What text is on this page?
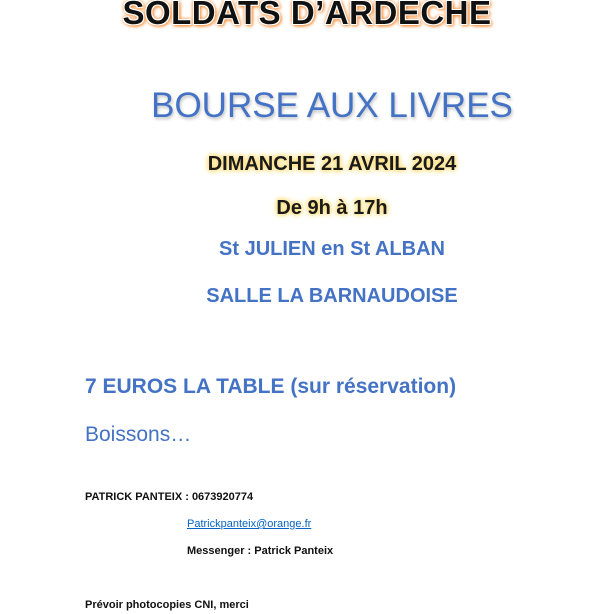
SOLDATS D’ARDECHE
BOURSE AUX LIVRES
DIMANCHE 21 AVRIL 2024
De 9h à 17h
St JULIEN en St ALBAN
SALLE LA BARNAUDOISE
7 EUROS LA TABLE (sur réservation)
Boissons…
PATRICK PANTEIX : 0673920774
Patrickpanteix@orange.fr
Messenger : Patrick Panteix
Prévoir photocopies CNI, merci
